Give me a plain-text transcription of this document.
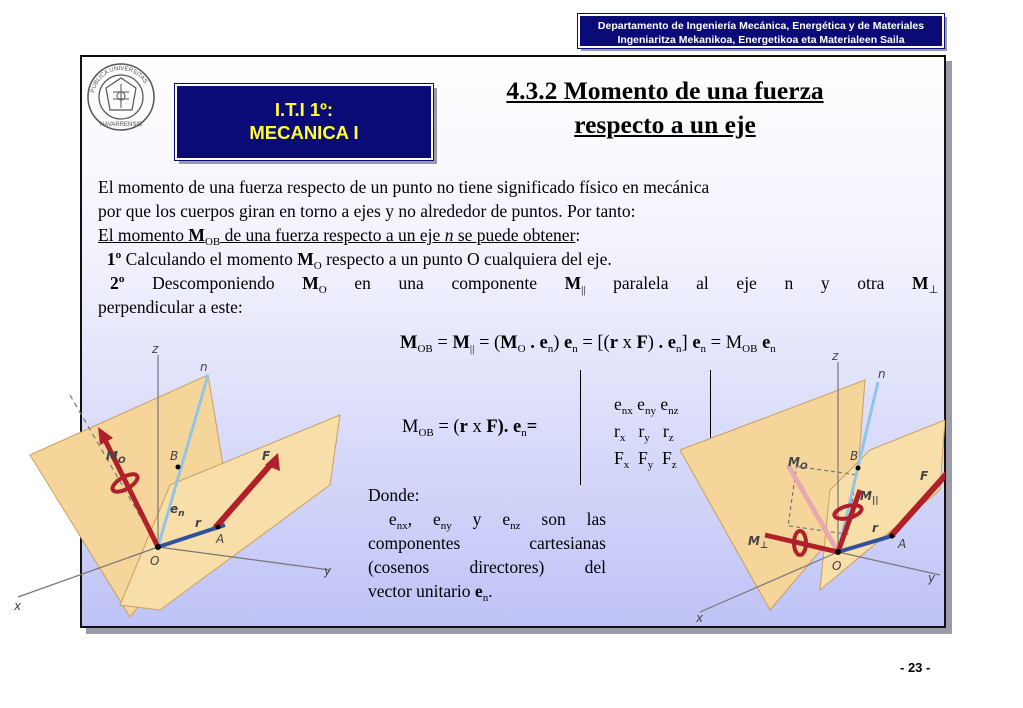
Departamento de Ingeniería Mecánica, Energética y de Materiales
Ingeniaritza Mekanikoa, Energetikoa eta Materialeen Saila
PUBLICA UNIVERSITAS
NAVARRENSIS
I.T.I 1º:
MECANICA I
4.3.2 Momento de una fuerza
respecto a un eje
El momento de una fuerza respecto de un punto no tiene significado físico en mecánica
por que los cuerpos giran en torno a ejes y no alrededor de puntos. Por tanto:
El momento $M_{OB}$ de una fuerza respecto a un eje n se puede obtener:
1º Calculando el momento $M_O$ respecto a un punto O cualquiera del eje.
2º Descomponiendo $M_O$ en una componente $M_{||}$ paralela al eje n y otra $M_\perp$
perpendicular a este:
$M_{OB} = M_{||} = (M_O$ . $e_n$) $e_n = [(r$ x F) . $e_n$] $e_n = M_{OB}$ $e_n$
$M_{OB} = (r$ x F). $e_n=$
$e_{nx}$ $e_{ny}$ $e_{nz}$
$r_x$ $r_y$ $r_z$
$F_x$ $F_y$ $F_z$
Donde:
$e_{nx}$, $e_{ny}$ y $e_{nz}$ son las
componentes cartesianas
(cosenos directores) del
vector unitario $e_n$.
z
n
x
y
B
A
O
F
r
$M_O$
$e_n$
z
n
x
y
B
A
O
F
r
$M_O$
$M_{||}$
$M_\perp$
- 23 -
